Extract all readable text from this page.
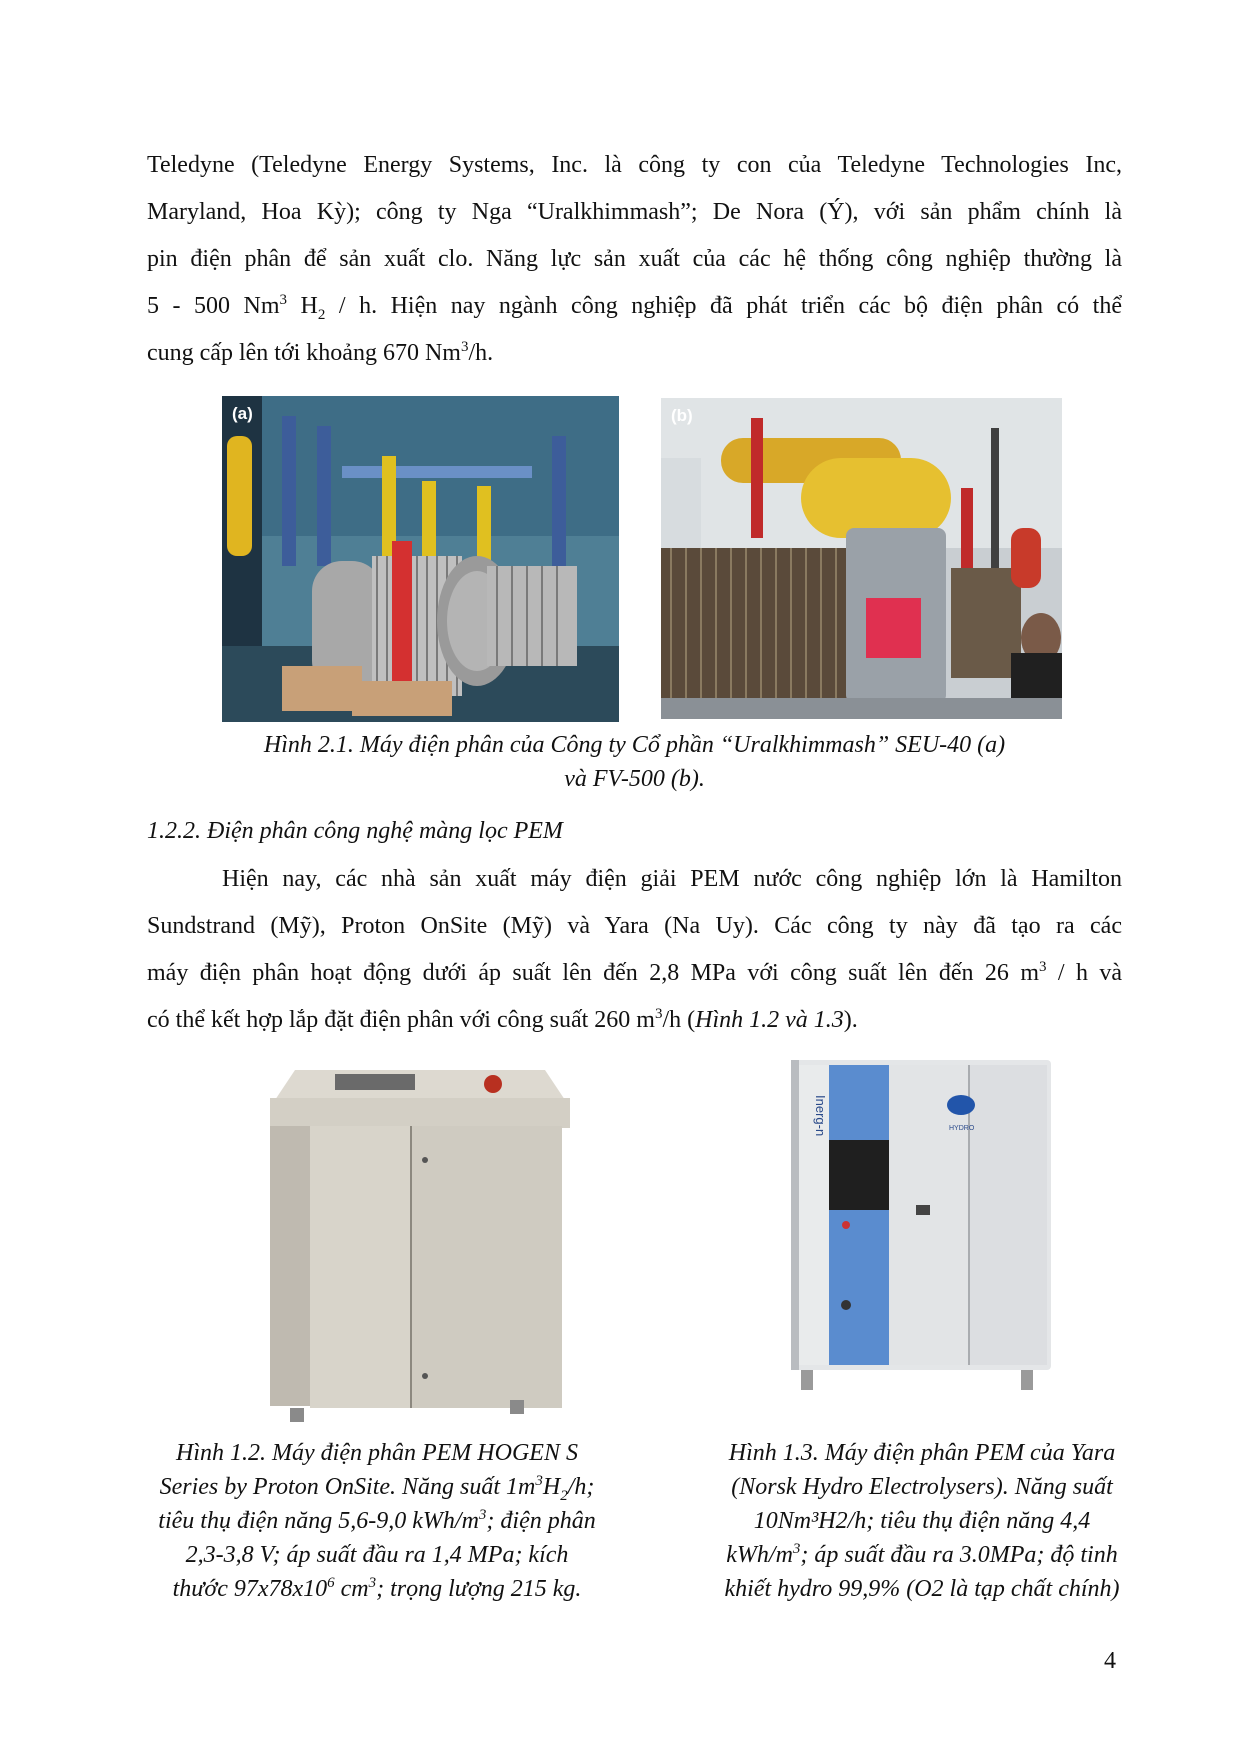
Teledyne (Teledyne Energy Systems, Inc. là công ty con của Teledyne Technologies Inc,
Maryland, Hoa Kỳ); công ty Nga “Uralkhimmash”; De Nora (Ý), với sản phẩm chính là
pin điện phân để sản xuất clo. Năng lực sản xuất của các hệ thống công nghiệp thường là
5 - 500 Nm$^3$ $H_2$ / h. Hiện nay ngành công nghiệp đã phát triển các bộ điện phân có thể
cung cấp lên tới khoảng 670 Nm$^3$/h.
(a)	(b)
Hình 2.1. Máy điện phân của Công ty Cổ phần “Uralkhimmash” SEU-40 (a)
và FV-500 (b).

1.2.2. Điện phân công nghệ màng lọc PEM

Hiện nay, các nhà sản xuất máy điện giải PEM nước công nghiệp lớn là Hamilton
Sundstrand (Mỹ), Proton OnSite (Mỹ) và Yara (Na Uy). Các công ty này đã tạo ra các
máy điện phân hoạt động dưới áp suất lên đến 2,8 MPa với công suất lên đến 26 $m^3$ / h và
có thể kết hợp lắp đặt điện phân với công suất 260 $m^3/h$ (Hình 1.2 và 1.3).
Inerg-n	HYDRO
Hình 1.2. Máy điện phân PEM HOGEN S
Series by Proton OnSite. Năng suất $1m^3H_2/h$;
tiêu thụ điện năng 5,6-9,0 kWh/$m^3$; điện phân
2,3-3,8 V; áp suất đầu ra 1,4 MPa; kích
thước $97x78x10^6$ $cm^3$; trọng lượng 215 kg.
Hình 1.3. Máy điện phân PEM của Yara
(Norsk Hydro Electrolysers). Năng suất
10Nm³H2/h; tiêu thụ điện năng 4,4
kWh/$m^3$; áp suất đầu ra 3.0MPa; độ tinh
khiết hydro 99,9% (O2 là tạp chất chính)
4
